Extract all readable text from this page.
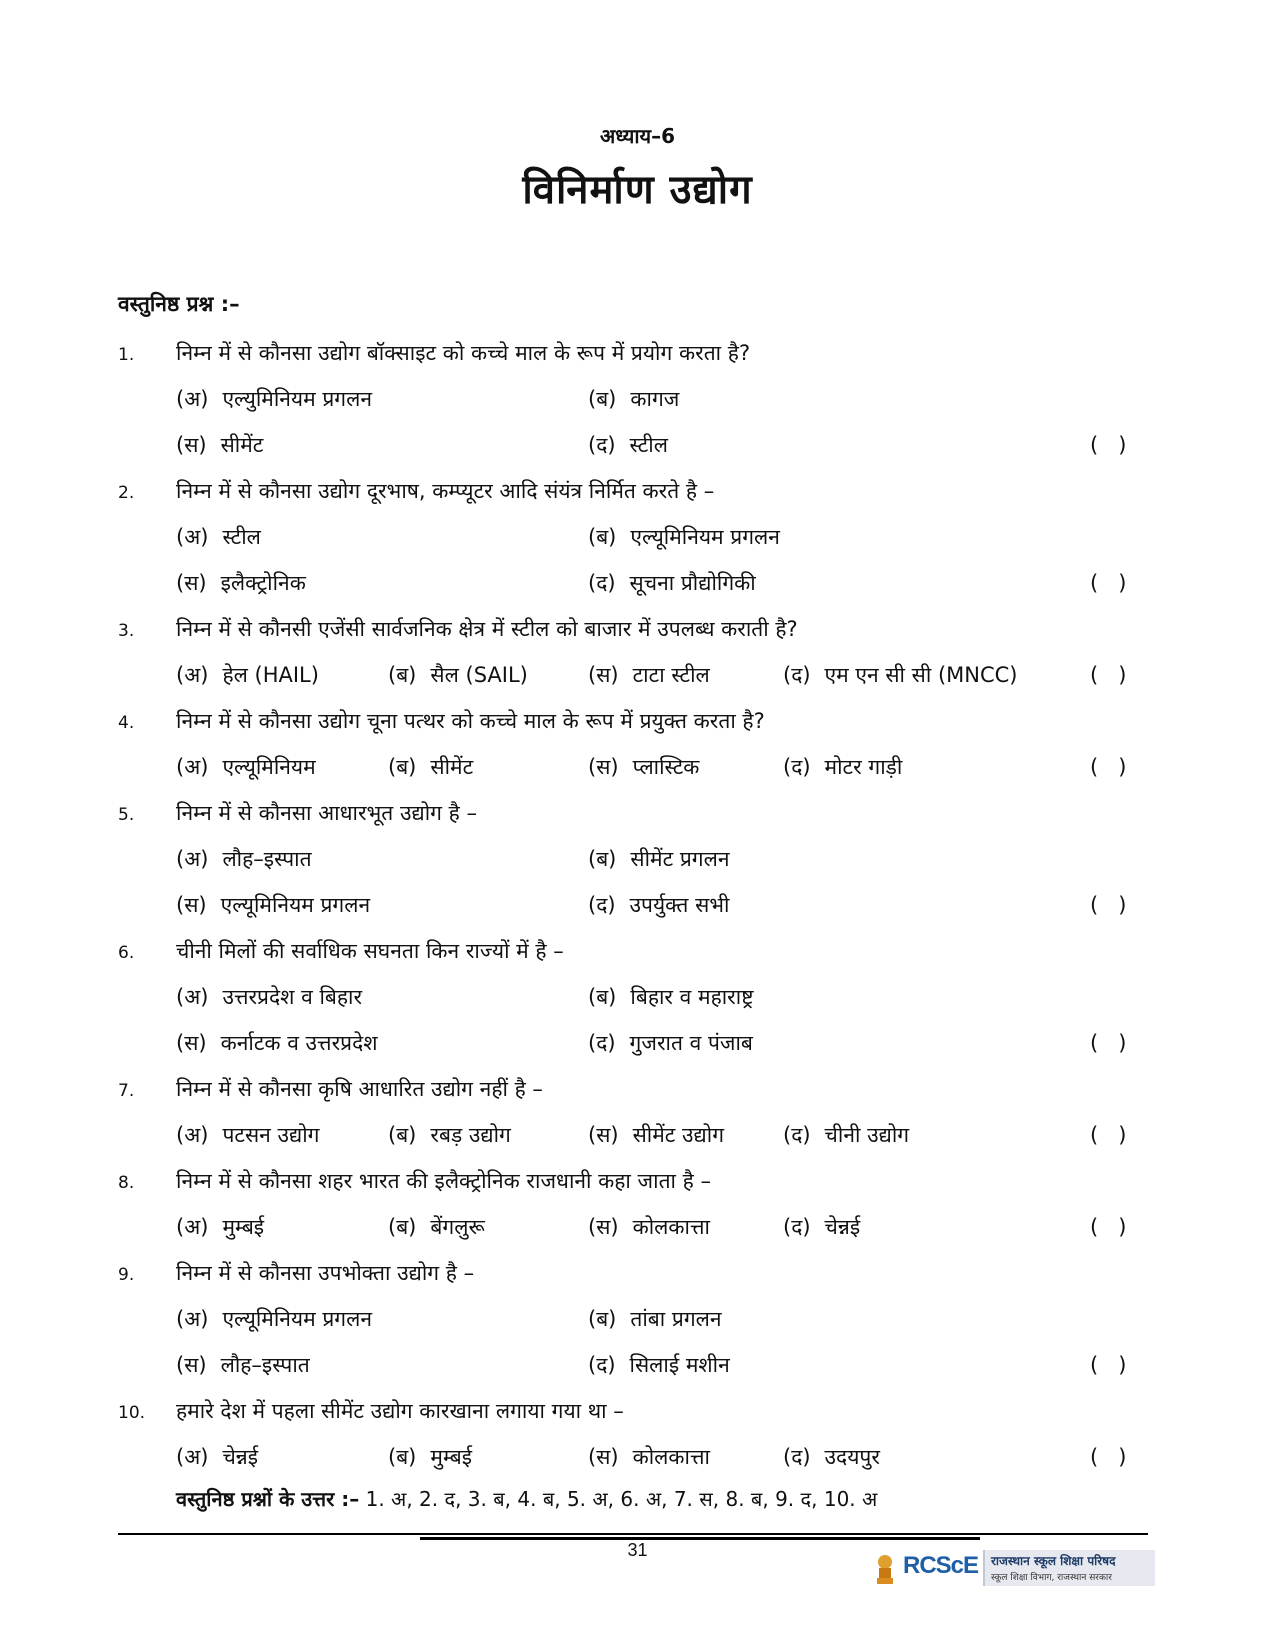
अध्याय–6
विनिर्माण उद्योग
वस्तुनिष्ठ प्रश्न :–
1.	निम्न में से कौनसा उद्योग बॉक्साइट को कच्चे माल के रूप में प्रयोग करता है?
(अ) एल्युमिनियम प्रगलन	(ब) कागज
(स) सीमेंट	(द) स्टील	(   )
2.	निम्न में से कौनसा उद्योग दूरभाष, कम्प्यूटर आदि संयंत्र निर्मित करते है –
(अ) स्टील	(ब) एल्यूमिनियम प्रगलन
(स) इलैक्ट्रोनिक	(द) सूचना प्रौद्योगिकी	(   )
3.	निम्न में से कौनसी एजेंसी सार्वजनिक क्षेत्र में स्टील को बाजार में उपलब्ध कराती है?
(अ) हेल (HAIL)	(ब) सैल (SAIL)	(स) टाटा स्टील	(द) एम एन सी सी (MNCC)	(   )
4.	निम्न में से कौनसा उद्योग चूना पत्थर को कच्चे माल के रूप में प्रयुक्त करता है?
(अ) एल्यूमिनियम	(ब) सीमेंट	(स) प्लास्टिक	(द) मोटर गाड़ी	(   )
5.	निम्न में से कौनसा आधारभूत उद्योग है –
(अ) लौह–इस्पात	(ब) सीमेंट प्रगलन
(स) एल्यूमिनियम प्रगलन	(द) उपर्युक्त सभी	(   )
6.	चीनी मिलों की सर्वाधिक सघनता किन राज्यों में है –
(अ) उत्तरप्रदेश व बिहार	(ब) बिहार व महाराष्ट्र
(स) कर्नाटक व उत्तरप्रदेश	(द) गुजरात व पंजाब	(   )
7.	निम्न में से कौनसा कृषि आधारित उद्योग नहीं है –
(अ) पटसन उद्योग	(ब) रबड़ उद्योग	(स) सीमेंट उद्योग	(द) चीनी उद्योग	(   )
8.	निम्न में से कौनसा शहर भारत की इलैक्ट्रोनिक राजधानी कहा जाता है –
(अ) मुम्बई	(ब) बेंगलुरू	(स) कोलकात्ता	(द) चेन्नई	(   )
9.	निम्न में से कौनसा उपभोक्ता उद्योग है –
(अ) एल्यूमिनियम प्रगलन	(ब) तांबा प्रगलन
(स) लौह–इस्पात	(द) सिलाई मशीन	(   )
10.	हमारे देश में पहला सीमेंट उद्योग कारखाना लगाया गया था –
(अ) चेन्नई	(ब) मुम्बई	(स) कोलकात्ता	(द) उदयपुर	(   )
वस्तुनिष्ठ प्रश्नों के उत्तर :– 1. अ, 2. द, 3. ब, 4. ब, 5. अ, 6. अ, 7. स, 8. ब, 9. द, 10. अ
31
RCScE राजस्थान स्कूल शिक्षा परिषद
स्कूल शिक्षा विभाग, राजस्थान सरकार
